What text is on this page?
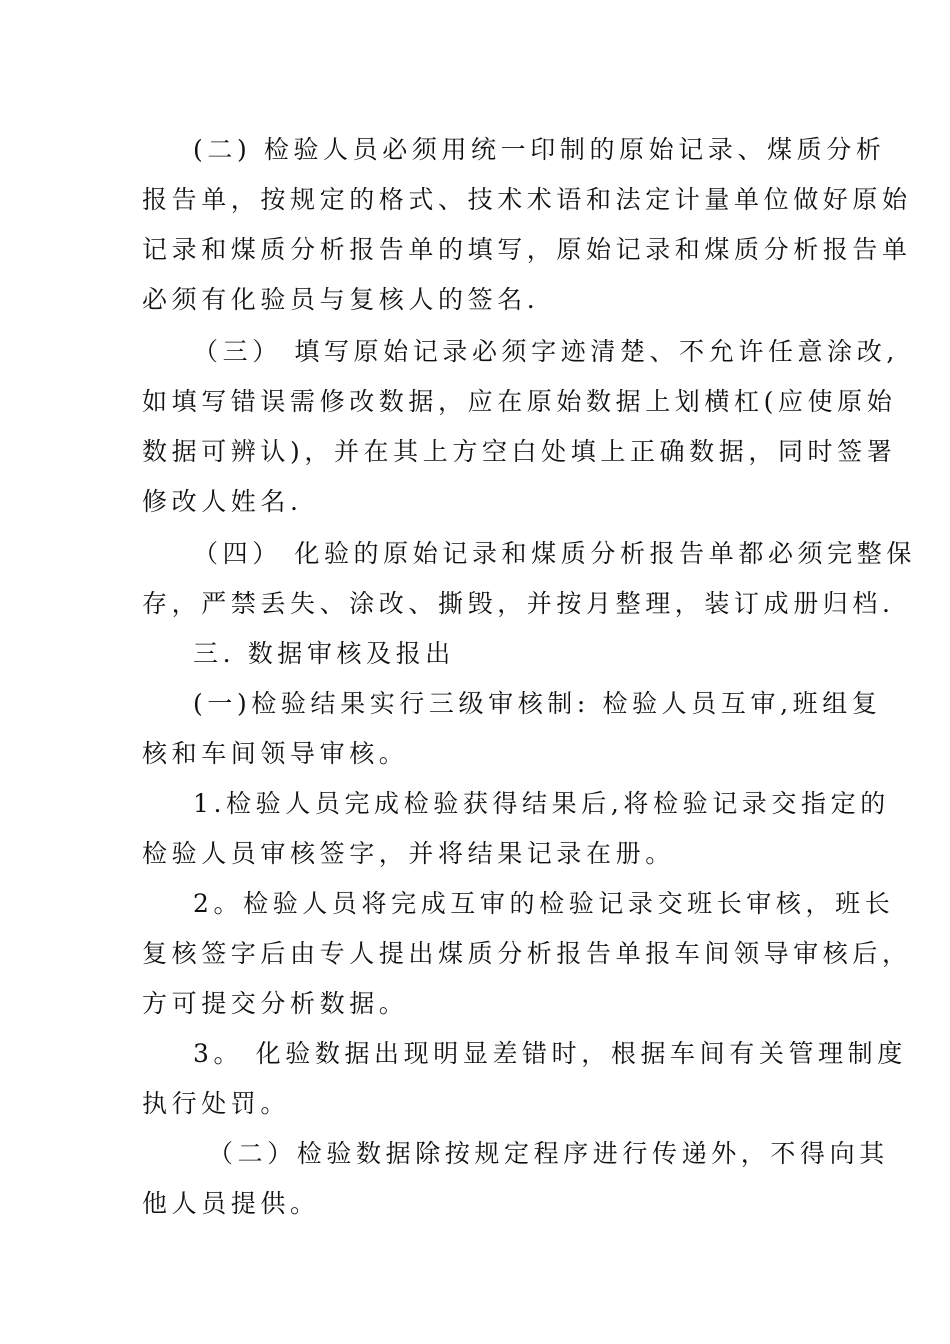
(二) 检验人员必须用统一印制的原始记录、煤质分析
报告单，按规定的格式、技术术语和法定计量单位做好原始
记录和煤质分析报告单的填写，原始记录和煤质分析报告单
必须有化验员与复核人的签名.
（三） 填写原始记录必须字迹清楚、不允许任意涂改,
如填写错误需修改数据，应在原始数据上划横杠(应使原始
数据可辨认)，并在其上方空白处填上正确数据，同时签署
修改人姓名.
（四） 化验的原始记录和煤质分析报告单都必须完整保
存，严禁丢失、涂改、撕毁，并按月整理，装订成册归档.
三. 数据审核及报出
(一)检验结果实行三级审核制: 检验人员互审,班组复
核和车间领导审核。
1.检验人员完成检验获得结果后,将检验记录交指定的
检验人员审核签字，并将结果记录在册。
2。检验人员将完成互审的检验记录交班长审核，班长
复核签字后由专人提出煤质分析报告单报车间领导审核后，
方可提交分析数据。
3。 化验数据出现明显差错时，根据车间有关管理制度
执行处罚。
（二）检验数据除按规定程序进行传递外，不得向其
他人员提供。
